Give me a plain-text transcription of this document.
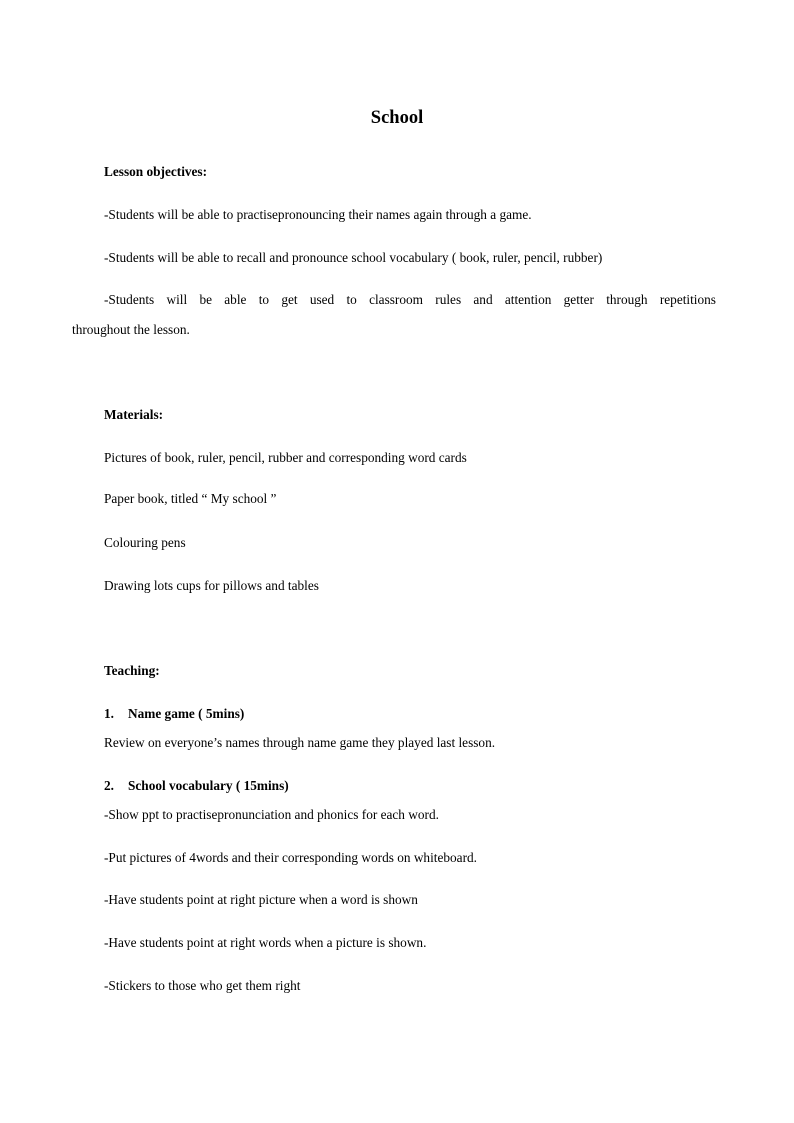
School
Lesson objectives:
-Students will be able to practisepronouncing their names again through a game.
-Students will be able to recall and pronounce school vocabulary ( book, ruler, pencil, rubber)
-Students will be able to get used to classroom rules and attention getter through repetitions
throughout the lesson.
Materials:
Pictures of book, ruler, pencil, rubber and corresponding word cards
Paper book, titled “ My school ”
Colouring pens
Drawing lots cups for pillows and tables
Teaching:
1. Name game ( 5mins)
Review on everyone’s names through name game they played last lesson.
2. School vocabulary ( 15mins)
-Show ppt to practisepronunciation and phonics for each word.
-Put pictures of 4words and their corresponding words on whiteboard.
-Have students point at right picture when a word is shown
-Have students point at right words when a picture is shown.
-Stickers to those who get them right
